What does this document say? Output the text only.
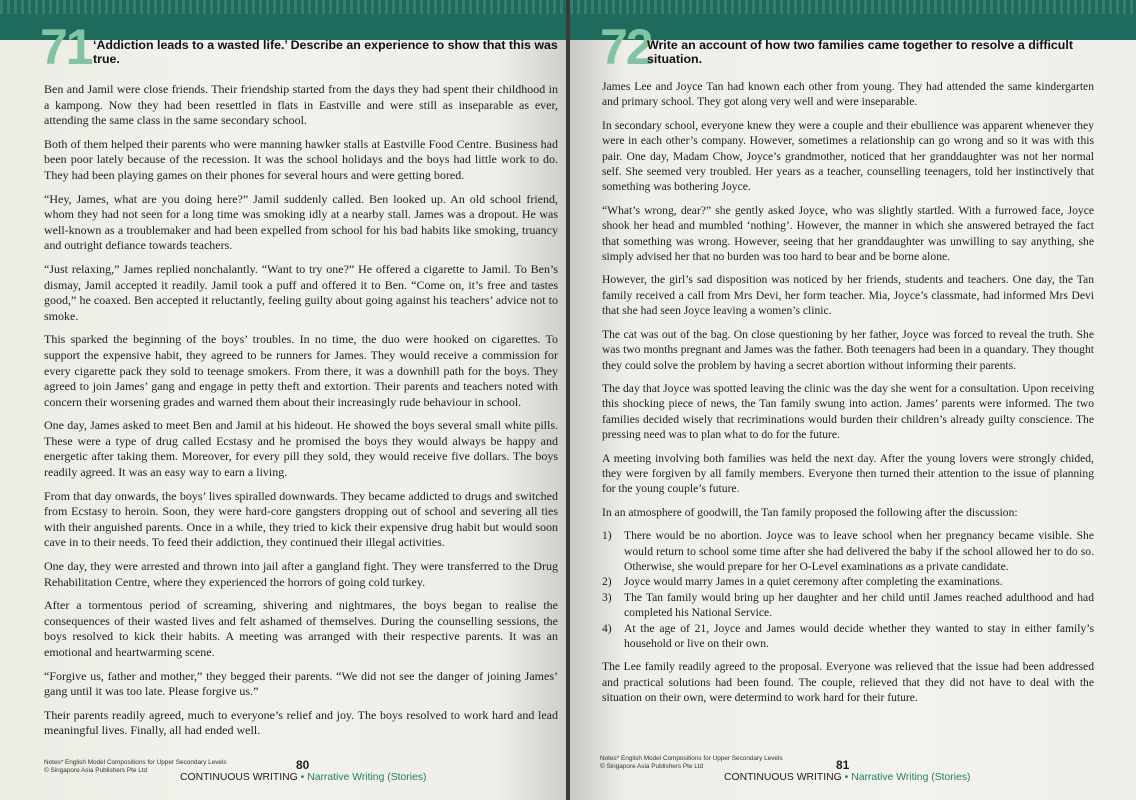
71 ‘Addiction leads to a wasted life.’ Describe an experience to show that this was true.

Ben and Jamil were close friends. Their friendship started from the days they had spent their childhood in a kampong. Now they had been resettled in flats in Eastville and were still as inseparable as ever, attending the same class in the same secondary school.

Both of them helped their parents who were manning hawker stalls at Eastville Food Centre. Business had been poor lately because of the recession. It was the school holidays and the boys had little work to do. They had been playing games on their phones for several hours and were getting bored.

“Hey, James, what are you doing here?” Jamil suddenly called. Ben looked up. An old school friend, whom they had not seen for a long time was smoking idly at a nearby stall. James was a dropout. He was well-known as a troublemaker and had been expelled from school for his bad habits like smoking, truancy and outright defiance towards teachers.

“Just relaxing,” James replied nonchalantly. “Want to try one?” He offered a cigarette to Jamil. To Ben’s dismay, Jamil accepted it readily. Jamil took a puff and offered it to Ben. “Come on, it’s free and tastes good,” he coaxed. Ben accepted it reluctantly, feeling guilty about going against his teachers’ advice not to smoke.

This sparked the beginning of the boys’ troubles. In no time, the duo were hooked on cigarettes. To support the expensive habit, they agreed to be runners for James. They would receive a commission for every cigarette pack they sold to teenage smokers. From there, it was a downhill path for the boys. They agreed to join James’ gang and engage in petty theft and extortion. Their parents and teachers noted with concern their worsening grades and warned them about their increasingly rude behaviour in school.

One day, James asked to meet Ben and Jamil at his hideout. He showed the boys several small white pills. These were a type of drug called Ecstasy and he promised the boys they would always be happy and energetic after taking them. Moreover, for every pill they sold, they would receive five dollars. The boys readily agreed. It was an easy way to earn a living.

From that day onwards, the boys’ lives spiralled downwards. They became addicted to drugs and switched from Ecstasy to heroin. Soon, they were hard-core gangsters dropping out of school and severing all ties with their anguished parents. Once in a while, they tried to kick their expensive drug habit but would soon cave in to their needs. To feed their addiction, they continued their illegal activities.

One day, they were arrested and thrown into jail after a gangland fight. They were transferred to the Drug Rehabilitation Centre, where they experienced the horrors of going cold turkey.

After a tormentous period of screaming, shivering and nightmares, the boys began to realise the consequences of their wasted lives and felt ashamed of themselves. During the counselling sessions, the boys resolved to kick their habits. A meeting was arranged with their respective parents. It was an emotional and heartwarming scene.

“Forgive us, father and mother,” they begged their parents. “We did not see the danger of joining James’ gang until it was too late. Please forgive us.”

Their parents readily agreed, much to everyone’s relief and joy. The boys resolved to work hard and lead meaningful lives. Finally, all had ended well.

Notes* English Model Compositions for Upper Secondary Levels
© Singapore Asia Publishers Pte Ltd	80
CONTINUOUS WRITING • Narrative Writing (Stories)
72
Write an account of how two families came together to resolve a difficult situation.

James Lee and Joyce Tan had known each other from young. They had attended the same kindergarten and primary school. They got along very well and were inseparable.

In secondary school, everyone knew they were a couple and their ebullience was apparent whenever they were in each other’s company. However, sometimes a relationship can go wrong and so it was with this pair. One day, Madam Chow, Joyce’s grandmother, noticed that her granddaughter was not her normal self. She seemed very troubled. Her years as a teacher, counselling teenagers, told her instinctively that something was bothering Joyce.

“What’s wrong, dear?” she gently asked Joyce, who was slightly startled. With a furrowed face, Joyce shook her head and mumbled ‘nothing’. However, the manner in which she answered betrayed the fact that something was wrong. However, seeing that her granddaughter was unwilling to say anything, she simply advised her that no burden was too hard to bear and be borne alone.

However, the girl’s sad disposition was noticed by her friends, students and teachers. One day, the Tan family received a call from Mrs Devi, her form teacher. Mia, Joyce’s classmate, had informed Mrs Devi that she had seen Joyce leaving a women’s clinic.

The cat was out of the bag. On close questioning by her father, Joyce was forced to reveal the truth. She was two months pregnant and James was the father. Both teenagers had been in a quandary. They thought they could solve the problem by having a secret abortion without informing their parents.

The day that Joyce was spotted leaving the clinic was the day she went for a consultation. Upon receiving this shocking piece of news, the Tan family swung into action. James’ parents were informed. The two families decided wisely that recriminations would burden their children’s already guilty conscience. The pressing need was to plan what to do for the future.

A meeting involving both families was held the next day. After the young lovers were strongly chided, they were forgiven by all family members. Everyone then turned their attention to the issue of planning for the young couple’s future.

In an atmosphere of goodwill, the Tan family proposed the following after the discussion:

1) There would be no abortion. Joyce was to leave school when her pregnancy became visible. She would return to school some time after she had delivered the baby if the school allowed her to do so. Otherwise, she would prepare for her O-Level examinations as a private candidate.
2) Joyce would marry James in a quiet ceremony after completing the examinations.
3) The Tan family would bring up her daughter and her child until James reached adulthood and had completed his National Service.
4) At the age of 21, Joyce and James would decide whether they wanted to stay in either family’s household or live on their own.

The Lee family readily agreed to the proposal. Everyone was relieved that the issue had been addressed and practical solutions had been found. The couple, relieved that they did not have to deal with the situation on their own, were determind to work hard for their future.

Notes* English Model Compositions for Upper Secondary Levels
© Singapore Asia Publishers Pte Ltd	81
CONTINUOUS WRITING • Narrative Writing (Stories)
